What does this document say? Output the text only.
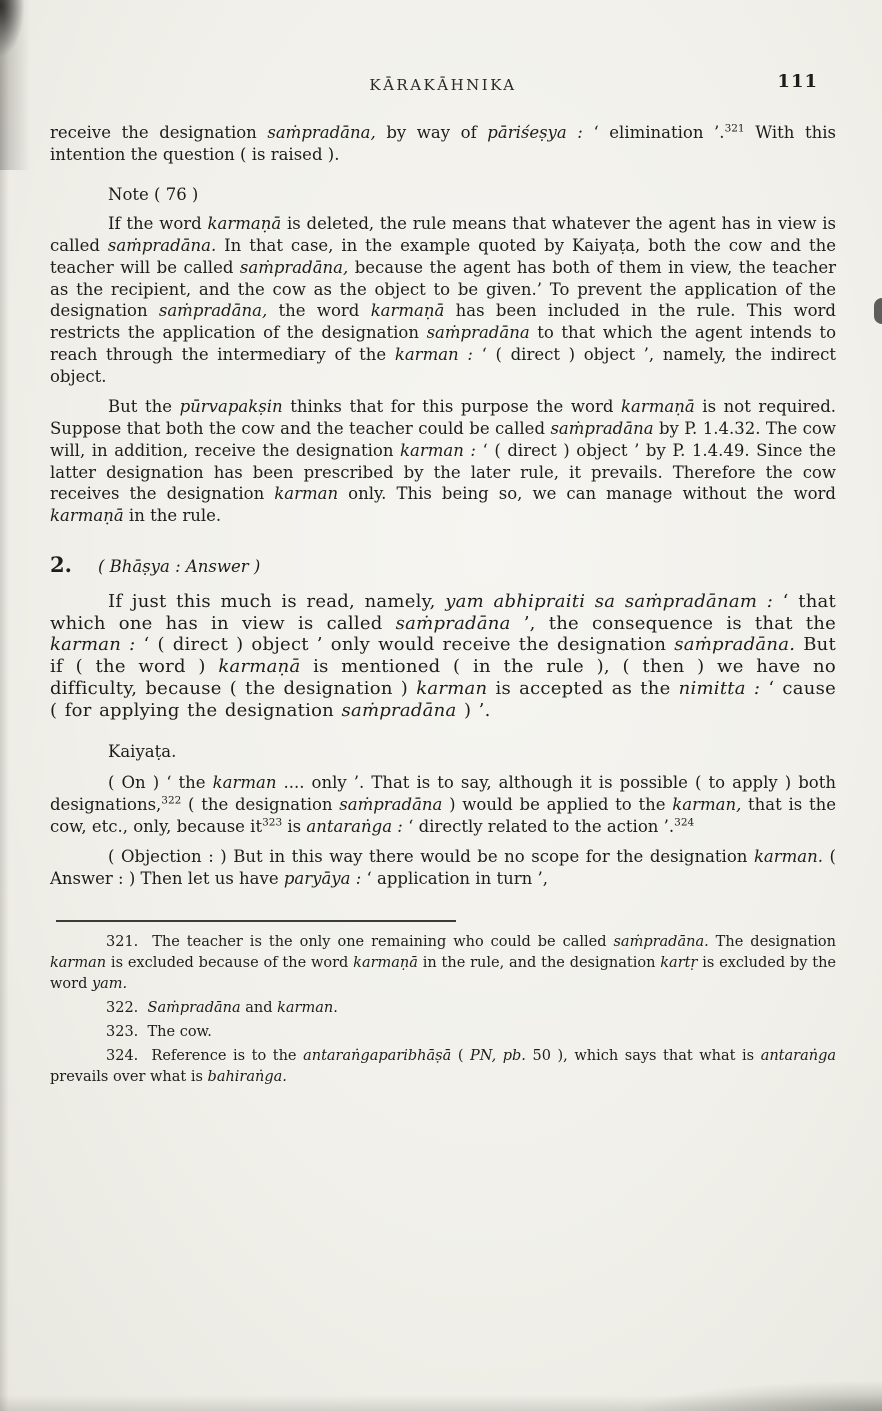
KĀRAKĀHNIKA	111

receive the designation saṁpradāna, by way of pāriśeṣya : ‘ elimination ’.$^{321}$ With this intention the question ( is raised ).

Note ( 76 )

If the word karmaṇā is deleted, the rule means that whatever the agent has in view is called saṁpradāna. In that case, in the example quoted by Kaiyaṭa, both the cow and the teacher will be called saṁpradāna, because the agent has both of them in view, the teacher as the recipient, and the cow as the object to be given.’ To prevent the application of the designation saṁpradāna, the word karmaṇā has been included in the rule. This word restricts the application of the designation saṁpradāna to that which the agent intends to reach through the intermediary of the karman : ‘ ( direct ) object ’, namely, the indirect object.

But the pūrvapakṣin thinks that for this purpose the word karmaṇā is not required. Suppose that both the cow and the teacher could be called saṁpradāna by P. 1.4.32. The cow will, in addition, receive the designation karman : ‘ ( direct ) object ’ by P. 1.4.49. Since the latter designation has been prescribed by the later rule, it prevails. Therefore the cow receives the designation karman only. This being so, we can manage without the word karmaṇā in the rule.

2. ( Bhāṣya : Answer )

If just this much is read, namely, yam abhipraiti sa saṁpradānam : ‘ that which one has in view is called saṁpradāna ’, the consequence is that the karman : ‘ ( direct ) object ’ only would receive the designation saṁpradāna. But if ( the word ) karmaṇā is mentioned ( in the rule ), ( then ) we have no difficulty, because ( the designation ) karman is accepted as the nimitta : ‘ cause ( for applying the designation saṁpradāna ) ’.

Kaiyaṭa.

( On ) ‘ the karman .... only ’. That is to say, although it is possible ( to apply ) both designations,$^{322}$ ( the designation saṁpradāna ) would be applied to the karman, that is the cow, etc., only, because $it^{323}$ is antaraṅga : ‘ directly related to the action ’.$^{324}$

( Objection : ) But in this way there would be no scope for the designation karman. ( Answer : ) Then let us have paryāya : ‘ application in turn ’,

321.  The teacher is the only one remaining who could be called saṁpradāna. The designation karman is excluded because of the word karmaṇā in the rule, and the designation kartṛ is excluded by the word yam.

322.  Saṁpradāna and karman.

323.  The cow.

324.  Reference is to the antaraṅgaparibhāṣā ( PN, pb. 50 ), which says that what is antaraṅga prevails over what is bahiraṅga.
